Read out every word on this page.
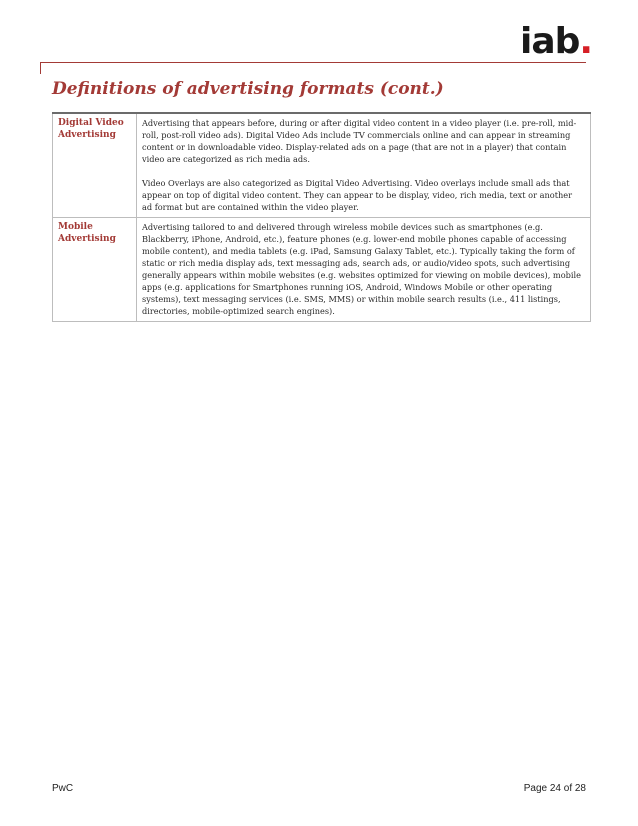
iab.
Definitions of advertising formats (cont.)
Digital Video Advertising	Advertising that appears before, during or after digital video content in a video player (i.e. pre-roll, mid-roll, post-roll video ads). Digital Video Ads include TV commercials online and can appear in streaming content or in downloadable video. Display-related ads on a page (that are not in a player) that contain video are categorized as rich media ads.

Video Overlays are also categorized as Digital Video Advertising. Video overlays include small ads that appear on top of digital video content. They can appear to be display, video, rich media, text or another ad format but are contained within the video player.

Mobile Advertising	Advertising tailored to and delivered through wireless mobile devices such as smartphones (e.g. Blackberry, iPhone, Android, etc.), feature phones (e.g. lower-end mobile phones capable of accessing mobile content), and media tablets (e.g. iPad, Samsung Galaxy Tablet, etc.). Typically taking the form of static or rich media display ads, text messaging ads, search ads, or audio/video spots, such advertising generally appears within mobile websites (e.g. websites optimized for viewing on mobile devices), mobile apps (e.g. applications for Smartphones running iOS, Android, Windows Mobile or other operating systems), text messaging services (i.e. SMS, MMS) or within mobile search results (i.e., 411 listings, directories, mobile-optimized search engines).

PwC	Page 24 of 28
